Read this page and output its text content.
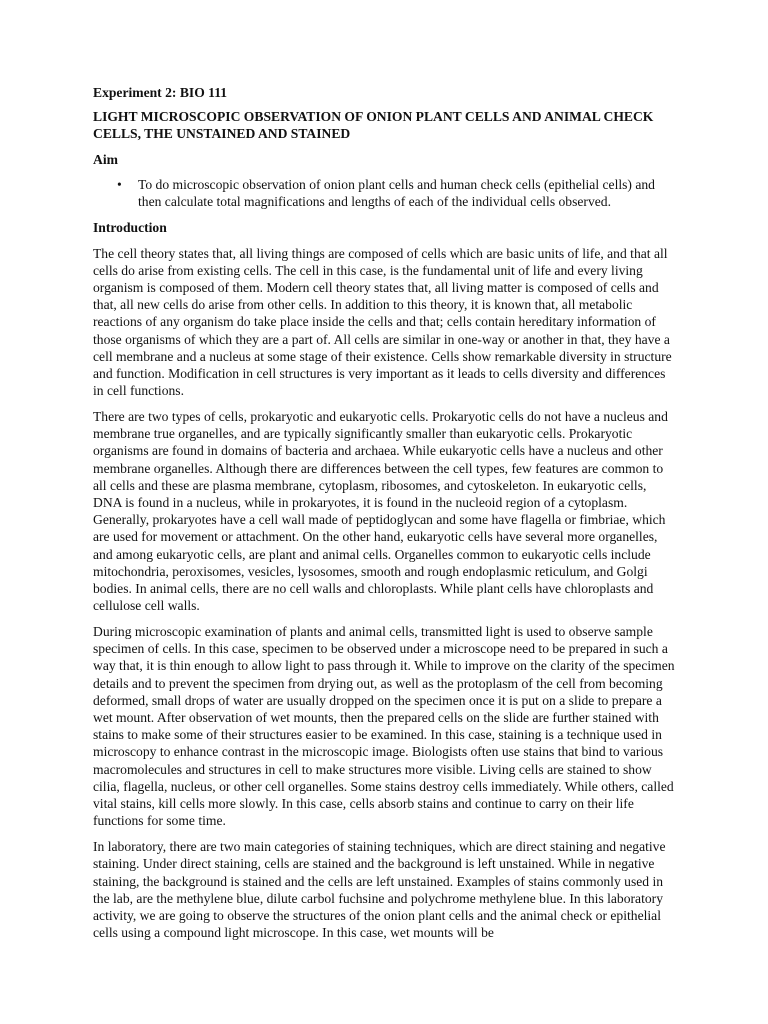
Experiment 2: BIO 111
LIGHT MICROSCOPIC OBSERVATION OF ONION PLANT CELLS AND ANIMAL CHECK CELLS, THE UNSTAINED AND STAINED
Aim
• To do microscopic observation of onion plant cells and human check cells (epithelial cells) and then calculate total magnifications and lengths of each of the individual cells observed.
Introduction

The cell theory states that, all living things are composed of cells which are basic units of life, and that all cells do arise from existing cells. The cell in this case, is the fundamental unit of life and every living organism is composed of them. Modern cell theory states that, all living matter is composed of cells and that, all new cells do arise from other cells. In addition to this theory, it is known that, all metabolic reactions of any organism do take place inside the cells and that; cells contain hereditary information of those organisms of which they are a part of. All cells are similar in one-way or another in that, they have a cell membrane and a nucleus at some stage of their existence. Cells show remarkable diversity in structure and function. Modification in cell structures is very important as it leads to cells diversity and differences in cell functions.

There are two types of cells, prokaryotic and eukaryotic cells. Prokaryotic cells do not have a nucleus and membrane true organelles, and are typically significantly smaller than eukaryotic cells. Prokaryotic organisms are found in domains of bacteria and archaea. While eukaryotic cells have a nucleus and other membrane organelles. Although there are differences between the cell types, few features are common to all cells and these are plasma membrane, cytoplasm, ribosomes, and cytoskeleton. In eukaryotic cells, DNA is found in a nucleus, while in prokaryotes, it is found in the nucleoid region of a cytoplasm. Generally, prokaryotes have a cell wall made of peptidoglycan and some have flagella or fimbriae, which are used for movement or attachment. On the other hand, eukaryotic cells have several more organelles, and among eukaryotic cells, are plant and animal cells. Organelles common to eukaryotic cells include mitochondria, peroxisomes, vesicles, lysosomes, smooth and rough endoplasmic reticulum, and Golgi bodies. In animal cells, there are no cell walls and chloroplasts. While plant cells have chloroplasts and cellulose cell walls.

During microscopic examination of plants and animal cells, transmitted light is used to observe sample specimen of cells. In this case, specimen to be observed under a microscope need to be prepared in such a way that, it is thin enough to allow light to pass through it. While to improve on the clarity of the specimen details and to prevent the specimen from drying out, as well as the protoplasm of the cell from becoming deformed, small drops of water are usually dropped on the specimen once it is put on a slide to prepare a wet mount. After observation of wet mounts, then the prepared cells on the slide are further stained with stains to make some of their structures easier to be examined. In this case, staining is a technique used in microscopy to enhance contrast in the microscopic image. Biologists often use stains that bind to various macromolecules and structures in cell to make structures more visible. Living cells are stained to show cilia, flagella, nucleus, or other cell organelles. Some stains destroy cells immediately. While others, called vital stains, kill cells more slowly. In this case, cells absorb stains and continue to carry on their life functions for some time.

In laboratory, there are two main categories of staining techniques, which are direct staining and negative staining. Under direct staining, cells are stained and the background is left unstained. While in negative staining, the background is stained and the cells are left unstained. Examples of stains commonly used in the lab, are the methylene blue, dilute carbol fuchsine and polychrome methylene blue. In this laboratory activity, we are going to observe the structures of the onion plant cells and the animal check or epithelial cells using a compound light microscope. In this case, wet mounts will be
